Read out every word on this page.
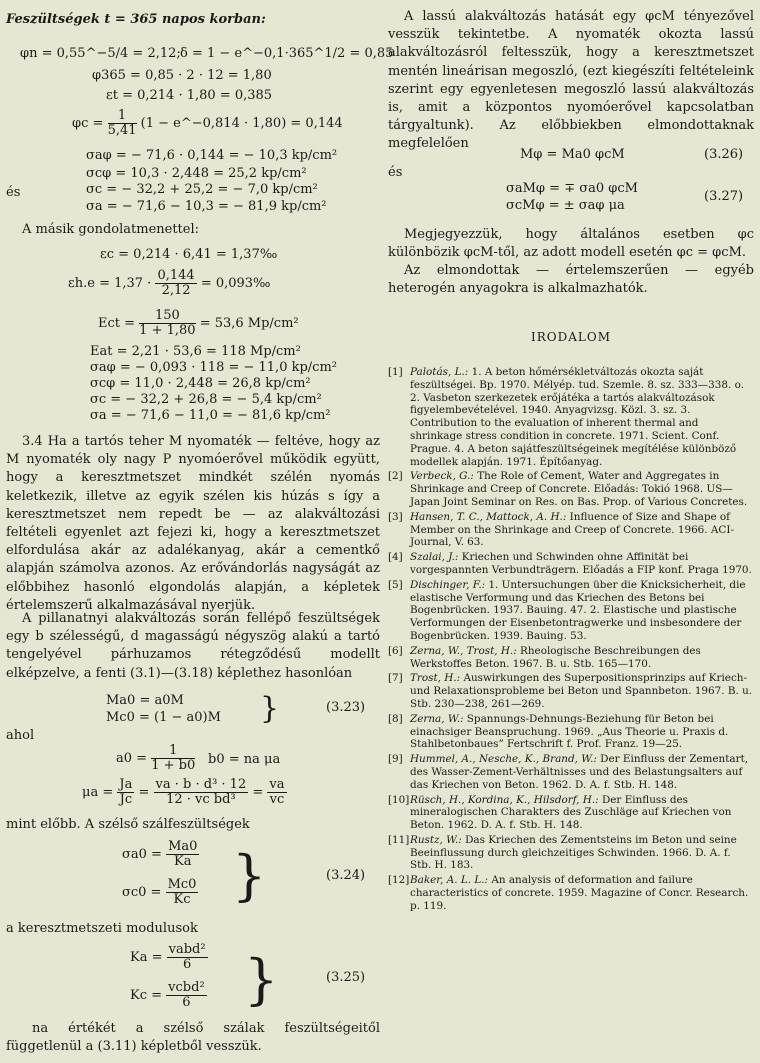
Feszültségek t = 365 napos korban:
φn = 0,55^−5/4 = 2,12; δ = 1 − e^−0,1·365^1/2 = 0,85
φ365 = 0,85 · 2 · 12 = 1,80
εt = 0,214 · 1,80 = 0,385
$\varphi c = \frac{1}{5,41} (1$ − e^−0,814 · 1,80) = 0,144
σaφ = − 71,6 · 0,144 = − 10,3 kp/cm²
σcφ = 10,3 · 2,448 = 25,2 kp/cm²
és	σc = − 32,2 + 25,2 = − 7,0 kp/cm²
σa = − 71,6 − 10,3 = − 81,9 kp/cm²
A másik gondolatmenettel:
εc = 0,214 · 6,41 = 1,37‰
$\varepsilon h.e = 1,37 \cdot \frac{0,144}{2,12}$ = 0,093‰
Ect = $\frac{150}{1 + 1,80} = 53,6$ Mp/cm²
Eat = 2,21 · 53,6 = 118 Mp/cm²
σaφ = − 0,093 · 118 = − 11,0 kp/cm²
σcφ = 11,0 · 2,448 = 26,8 kp/cm²
σc = − 32,2 + 26,8 = − 5,4 kp/cm²
σa = − 71,6 − 11,0 = − 81,6 kp/cm²
3.4 Ha a tartós teher M nyomaték — feltéve, hogy az M nyomaték oly nagy P nyomóerővel működik együtt, hogy a keresztmetszet mindkét szélén nyomás keletkezik, illetve az egyik szélen kis húzás s így a keresztmetszet nem repedt be — az alakváltozási feltételi egyenlet azt fejezi ki, hogy a keresztmetszet elfordulása akár az adalékanyag, akár a cementkő alapján számolva azonos. Az erővándorlás nagyságát az előbbihez hasonló elgondolás alapján, a képletek értelemszerű alkalmazásával nyerjük.
A pillanatnyi alakváltozás során fellépő feszültségek egy b szélességű, d magasságú négyszög alakú a tartó tengelyével párhuzamos rétegződésű modellt elképzelve, a fenti (3.1)—(3.18) képlethez hasonlóan
Ma0 = a0M
Mc0 = (1 − a0)M }	(3.23)
ahol
$a0 = \frac{1}{1 + b0} b0$ = na μa
$\mu a = \frac{Ja}{Jc} = \frac{\text{va · b · d³ · 12}}{\text{12 · vc bd³}} = \frac{va}{vc}$
mint előbb. A szélső szálfeszültségek
$\sigma a0 = \frac{Ma0}{Ka}$
$\sigma c0 = \frac{Mc0}{Kc}$ }	(3.24)
a keresztmetszeti modulusok
$Ka = \frac{\text{vabd²}}{6}$
$Kc = \frac{\text{vcbd²}}{6}$ }	(3.25)
na értékét a szélső szálak feszültségeitől függetlenül a (3.11) képletből vesszük.
A lassú alakváltozás hatását egy φcM tényezővel vesszük tekintetbe. A nyomaték okozta lassú alakváltozásról feltesszük, hogy a keresztmetszet mentén lineárisan megoszló, (ezt kiegészíti feltételeink szerint egy egyenletesen megoszló lassú alakváltozás is, amit a központos nyomóerővel kapcsolatban tárgyaltunk). Az előbbiekben elmondottaknak megfelelően
Mφ = Ma0 φcM	(3.26)
és
σaMφ = ∓ σa0 φcM
σcMφ = ± σaφ μa
(3.27)
Megjegyezzük, hogy általános esetben φc különbözik φcM-től, az adott modell esetén φc = φcM.
Az elmondottak — értelemszerűen — egyéb heterogén anyagokra is alkalmazhatók.
IRODALOM
[1] Palotás, L.: 1. A beton hőmérsékletváltozás okozta saját feszültségei. Bp. 1970. Mélyép. tud. Szemle. 8. sz. 333—338. o. 2. Vasbeton szerkezetek erőjátéka a tartós alakváltozások figyelembevételével. 1940. Anyagvizsg. Közl. 3. sz. 3. Contribution to the evaluation of inherent thermal and shrinkage stress condition in concrete. 1971. Scient. Conf. Prague. 4. A beton sajátfeszültségeinek megítélése különböző modellek alapján. 1971. Építőanyag.
[2] Verbeck, G.: The Role of Cement, Water and Aggregates in Shrinkage and Creep of Concrete. Előadás: Tokió 1968. US—Japan Joint Seminar on Res. on Bas. Prop. of Various Concretes.
[3] Hansen, T. C., Mattock, A. H.: Influence of Size and Shape of Member on the Shrinkage and Creep of Concrete. 1966. ACI-Journal, V. 63.
[4] Szalai, J.: Kriechen und Schwinden ohne Affinität bei vorgespannten Verbundträgern. Előadás a FIP konf. Praga 1970.
[5] Dischinger, F.: 1. Untersuchungen über die Knicksicherheit, die elastische Verformung und das Kriechen des Betons bei Bogenbrücken. 1937. Bauing. 47. 2. Elastische und plastische Verformungen der Eisenbetontragwerke und insbesondere der Bogenbrücken. 1939. Bauing. 53.
[6] Zerna, W., Trost, H.: Rheologische Beschreibungen des Werkstoffes Beton. 1967. B. u. Stb. 165—170.
[7] Trost, H.: Auswirkungen des Superpositionsprinzips auf Kriech- und Relaxationsprobleme bei Beton und Spannbeton. 1967. B. u. Stb. 230—238, 261—269.
[8] Zerna, W.: Spannungs-Dehnungs-Beziehung für Beton bei einachsiger Beanspruchung. 1969. „Aus Theorie u. Praxis d. Stahlbetonbaues” Fertschrift f. Prof. Franz. 19—25.
[9] Hummel, A., Nesche, K., Brand, W.: Der Einfluss der Zementart, des Wasser-Zement-Verhältnisses und des Belastungsalters auf das Kriechen von Beton. 1962. D. A. f. Stb. H. 148.
[10] Rüsch, H., Kordina, K., Hilsdorf, H.: Der Einfluss des mineralogischen Charakters des Zuschläge auf Kriechen von Beton. 1962. D. A. f. Stb. H. 148.
[11] Rustz, W.: Das Kriechen des Zementsteins im Beton und seine Beeinflussung durch gleichzeitiges Schwinden. 1966. D. A. f. Stb. H. 183.
[12] Baker, A. L. L.: An analysis of deformation and failure characteristics of concrete. 1959. Magazine of Concr. Research. p. 119.
